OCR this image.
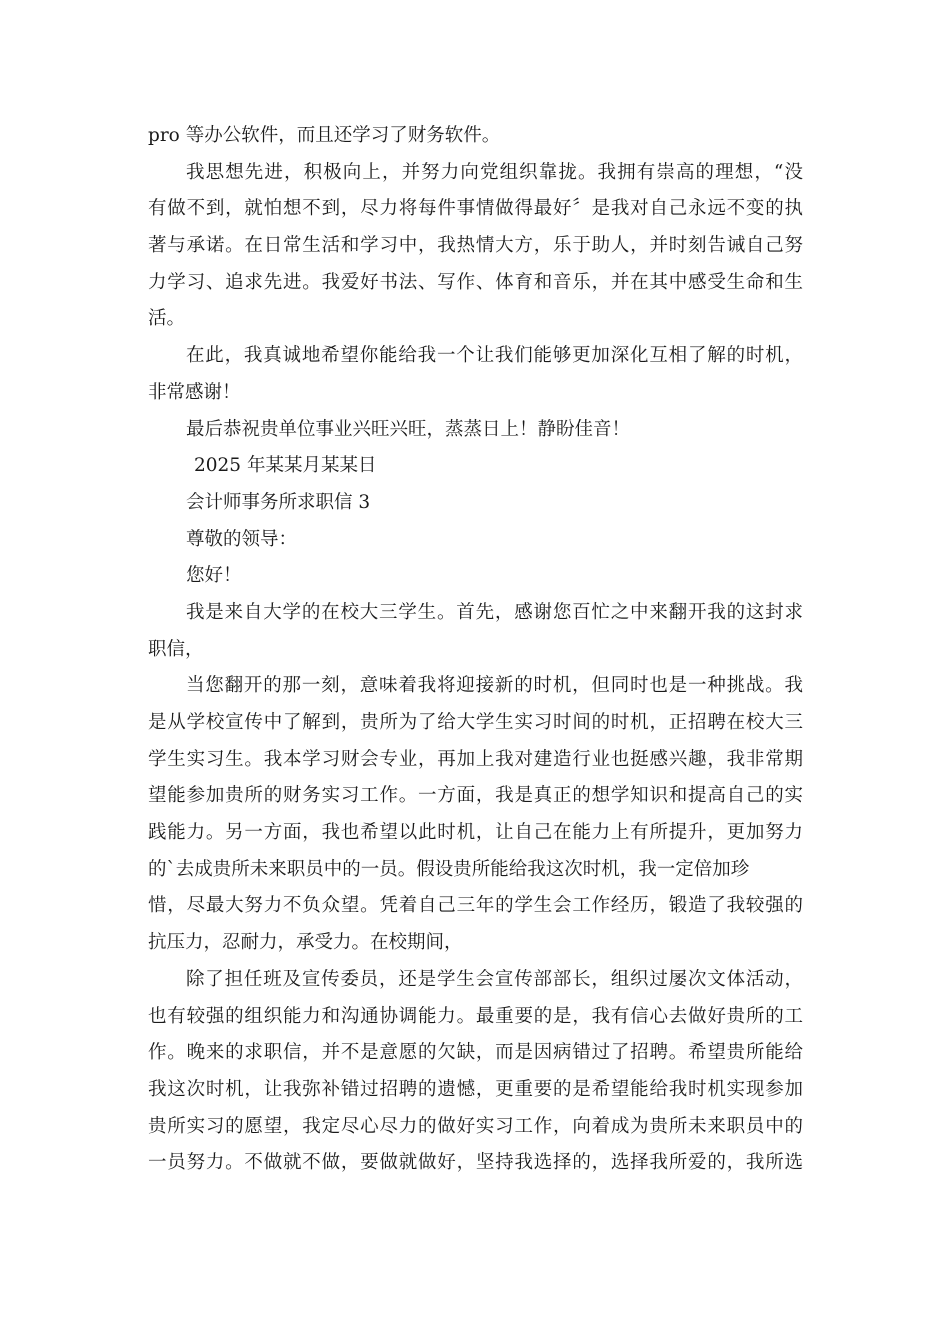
pro 等办公软件，而且还学习了财务软件。
我思想先进，积极向上，并努力向党组织靠拢。我拥有崇高的理想，“没
有做不到，就怕想不到，尽力将每件事情做得最好〞是我对自己永远不变的执
著与承诺。在日常生活和学习中，我热情大方，乐于助人，并时刻告诫自己努
力学习、追求先进。我爱好书法、写作、体育和音乐，并在其中感受生命和生
活。
在此，我真诚地希望你能给我一个让我们能够更加深化互相了解的时机，
非常感谢！
最后恭祝贵单位事业兴旺兴旺，蒸蒸日上！静盼佳音！
2025 年某某月某某日
会计师事务所求职信 3
尊敬的领导：
您好！
我是来自大学的在校大三学生。首先，感谢您百忙之中来翻开我的这封求
职信，
当您翻开的那一刻，意味着我将迎接新的时机，但同时也是一种挑战。我
是从学校宣传中了解到，贵所为了给大学生实习时间的时机，正招聘在校大三
学生实习生。我本学习财会专业，再加上我对建造行业也挺感兴趣，我非常期
望能参加贵所的财务实习工作。一方面，我是真正的想学知识和提高自己的实
践能力。另一方面，我也希望以此时机，让自己在能力上有所提升，更加努力
的`去成贵所未来职员中的一员。假设贵所能给我这次时机，我一定倍加珍
惜，尽最大努力不负众望。凭着自己三年的学生会工作经历，锻造了我较强的
抗压力，忍耐力，承受力。在校期间，
除了担任班及宣传委员，还是学生会宣传部部长，组织过屡次文体活动，
也有较强的组织能力和沟通协调能力。最重要的是，我有信心去做好贵所的工
作。晚来的求职信，并不是意愿的欠缺，而是因病错过了招聘。希望贵所能给
我这次时机，让我弥补错过招聘的遗憾，更重要的是希望能给我时机实现参加
贵所实习的愿望，我定尽心尽力的做好实习工作，向着成为贵所未来职员中的
一员努力。不做就不做，要做就做好，坚持我选择的，选择我所爱的，我所选
